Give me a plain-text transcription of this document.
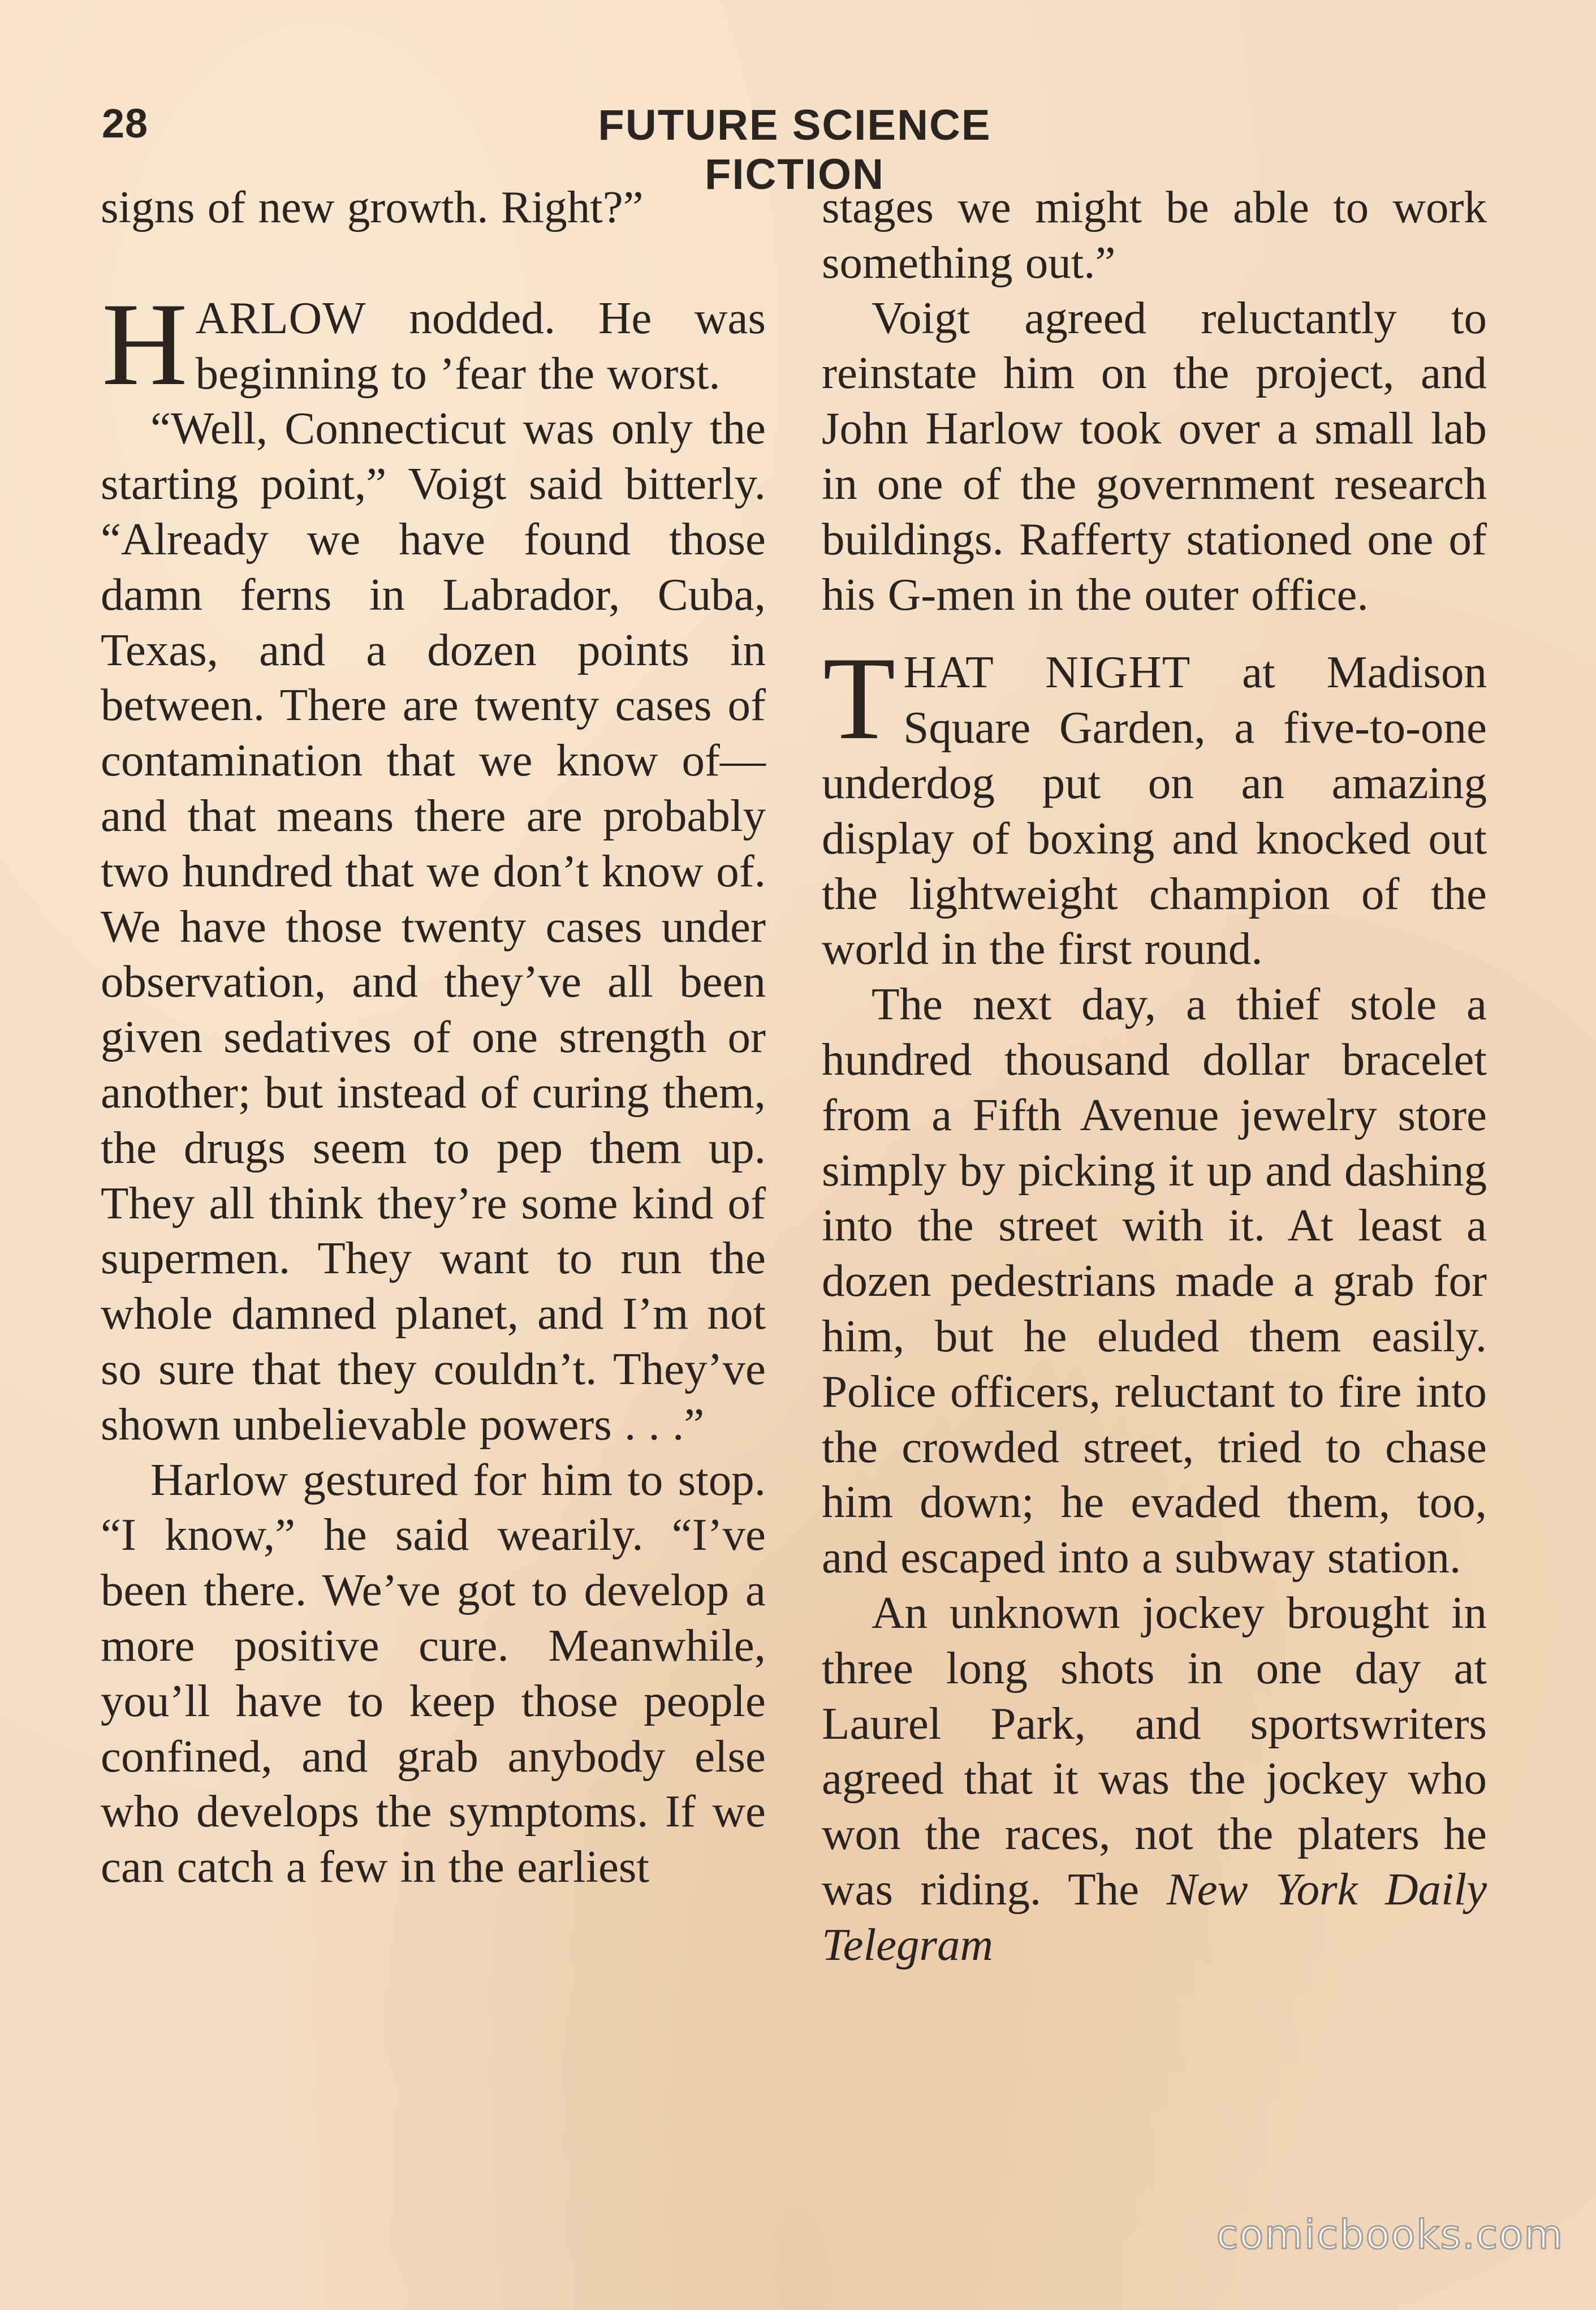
28	FUTURE SCIENCE FICTION

signs of new growth. Right?”

HARLOW nodded. He was beginning to ’fear the worst.

“Well, Connecticut was only the starting point,” Voigt said bitterly. “Already we have found those damn ferns in Labrador, Cuba, Texas, and a dozen points in between. There are twenty cases of contamination that we know of—and that means there are probably two hundred that we don’t know of. We have those twenty cases under observation, and they’ve all been given sedatives of one strength or another; but instead of curing them, the drugs seem to pep them up. They all think they’re some kind of supermen. They want to run the whole damned planet, and I’m not so sure that they couldn’t. They’ve shown unbelievable powers . . .”

Harlow gestured for him to stop. “I know,” he said wearily. “I’ve been there. We’ve got to develop a more positive cure. Meanwhile, you’ll have to keep those people confined, and grab anybody else who develops the symptoms. If we can catch a few in the earliest

stages we might be able to work something out.”

Voigt agreed reluctantly to reinstate him on the project, and John Harlow took over a small lab in one of the government research buildings. Rafferty stationed one of his G-men in the outer office.

THAT NIGHT at Madison Square Garden, a five-to-one underdog put on an amazing display of boxing and knocked out the lightweight champion of the world in the first round.

The next day, a thief stole a hundred thousand dollar bracelet from a Fifth Avenue jewelry store simply by picking it up and dashing into the street with it. At least a dozen pedestrians made a grab for him, but he eluded them easily. Police officers, reluctant to fire into the crowded street, tried to chase him down; he evaded them, too, and escaped into a subway station.

An unknown jockey brought in three long shots in one day at Laurel Park, and sportswriters agreed that it was the jockey who won the races, not the platers he was riding. The New York Daily Telegram

comicbooks.com
